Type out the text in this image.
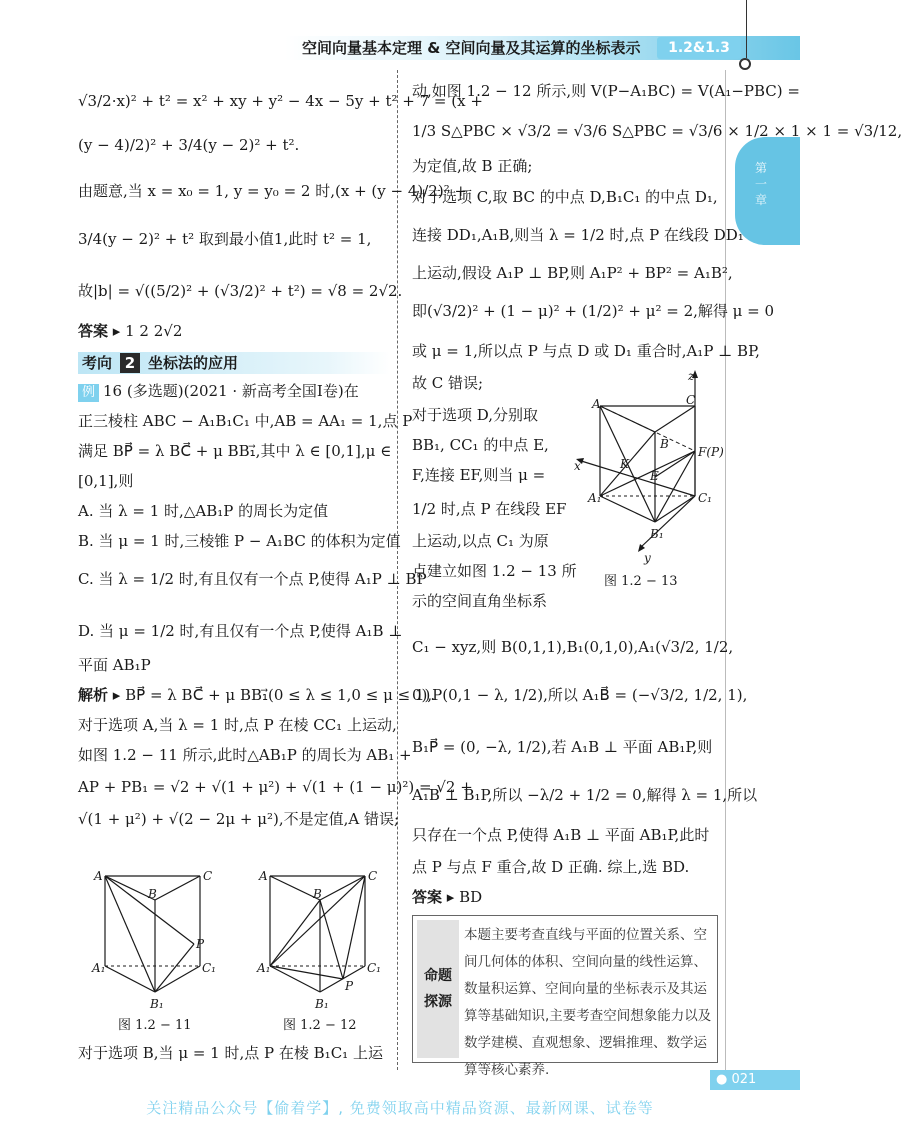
空间向量基本定理 & 空间向量及其运算的坐标表示	1.2&1.3
第一章
√3/2·x)² + t² = x² + xy + y² − 4x − 5y + t² + 7 = (x +
(y − 4)/2)² + 3/4(y − 2)² + t².
由题意,当 x = x₀ = 1, y = y₀ = 2 时,(x + (y − 4)/2)² +
3/4(y − 2)² + t² 取到最小值1,此时 t² = 1,
故|b| = √((5/2)² + (√3/2)² + t²) = √8 = 2√2.
答案 ▸ 1 2 2√2
考向 2 坐标法的应用
例 16 (多选题)(2021 · 新高考全国Ⅰ卷)在
正三棱柱 ABC − A₁B₁C₁ 中,AB = AA₁ = 1,点 P
满足 BP⃗ = λ BC⃗ + μ BB₁⃗,其中 λ ∈ [0,1],μ ∈
[0,1],则
A. 当 λ = 1 时,△AB₁P 的周长为定值
B. 当 μ = 1 时,三棱锥 P − A₁BC 的体积为定值
C. 当 λ = 1/2 时,有且仅有一个点 P,使得 A₁P ⊥ BP
D. 当 μ = 1/2 时,有且仅有一个点 P,使得 A₁B ⊥
平面 AB₁P
解析 ▸ BP⃗ = λ BC⃗ + μ BB₁⃗(0 ≤ λ ≤ 1,0 ≤ μ ≤ 1).
对于选项 A,当 λ = 1 时,点 P 在棱 CC₁ 上运动,
如图 1.2 − 11 所示,此时△AB₁P 的周长为 AB₁ +
AP + PB₁ = √2 + √(1 + μ²) + √(1 + (1 − μ)²) = √2 +
√(1 + μ²) + √(2 − 2μ + μ²),不是定值,A 错误;
A	C
B
P
A₁	C₁
B₁
图 1.2 − 11
A	C
B
P
A₁	C₁
B₁
图 1.2 − 12
对于选项 B,当 μ = 1 时,点 P 在棱 B₁C₁ 上运
动,如图 1.2 − 12 所示,则 V(P−A₁BC) = V(A₁−PBC) =
1/3 S△PBC × √3/2 = √3/6 S△PBC = √3/6 × 1/2 × 1 × 1 = √3/12,
为定值,故 B 正确;
对于选项 C,取 BC 的中点 D,B₁C₁ 的中点 D₁,
连接 DD₁,A₁B,则当 λ = 1/2 时,点 P 在线段 DD₁
上运动,假设 A₁P ⊥ BP,则 A₁P² + BP² = A₁B²,
即(√3/2)² + (1 − μ)² + (1/2)² + μ² = 2,解得 μ = 0
或 μ = 1,所以点 P 与点 D 或 D₁ 重合时,A₁P ⊥ BP,
故 C 错误;
对于选项 D,分别取
BB₁, CC₁ 的中点 E,
F,连接 EF,则当 μ =
1/2 时,点 P 在线段 EF
上运动,以点 C₁ 为原
点建立如图 1.2 − 13 所
示的空间直角坐标系
z
x
y
A	C
B
F(P)
K
E
A₁	C₁
B₁
图 1.2 − 13
C₁ − xyz,则 B(0,1,1),B₁(0,1,0),A₁(√3/2, 1/2,
0),P(0,1 − λ, 1/2),所以 A₁B⃗ = (−√3/2, 1/2, 1),
B₁P⃗ = (0, −λ, 1/2),若 A₁B ⊥ 平面 AB₁P,则
A₁B ⊥ B₁P,所以 −λ/2 + 1/2 = 0,解得 λ = 1,所以
只存在一个点 P,使得 A₁B ⊥ 平面 AB₁P,此时
点 P 与点 F 重合,故 D 正确. 综上,选 BD.
答案 ▸ BD
命题
探源
本题主要考查直线与平面的位置关系、空间几何体的体积、空间向量的线性运算、数量积运算、空间向量的坐标表示及其运算等基础知识,主要考查空间想象能力以及数学建模、直观想象、逻辑推理、数学运算等核心素养.
● 021
关注精品公众号【偷着学】, 免费领取高中精品资源、最新网课、试卷等
